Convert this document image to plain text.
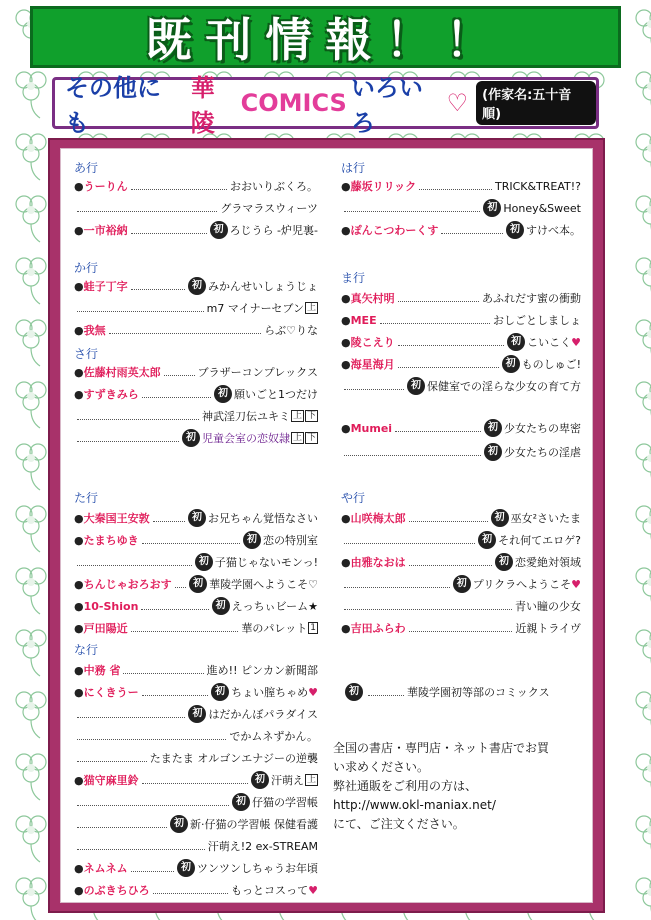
既刊情報！！
その他にも
華陵
COMICS
いろいろ
♡	(作家名:五十音順)
あ行
● うーりん	おおいりぶくろ。
グラマラスウィーツ
● 一市裕納	初 ろじうら -炉児裏-
か行
● 蛙子丁字	初 みかんせいしょうじょ
m7 マイナーセブン 上
● 我無	らぶ♡りな
さ行
● 佐藤村雨英太郎	ブラザーコンプレックス
● すずきみら	初 願いごと1つだけ
神武淫刀伝ユキミ 上 下
初 児童会室の恋奴隷 上 下
た行
● 大秦国王安敦	初 お兄ちゃん覚悟なさい
● たまちゆき	初 恋の特別室
初 子猫じゃないモンっ!
● ちんじゃおろおす	初 華陵学園へようこそ♡
● 10-Shion	初 えっちぃビーム★
● 戸田陽近	華のパレット 1
な行
● 中務 省	進め!! ピンカン新聞部
● にくきうー	初 ちょい膣ちゃめ ♥
初 はだかんぼパラダイス
でかムネずかん。
たまたま オルゴンエナジーの逆襲
● 猫守麻里鈴	初 汗萌え 上
初 仔猫の学習帳
初 新·仔猫の学習帳 保健看護
汗萌え!2 ex-STREAM
● ネムネム	初 ツンツンしちゃうお年頃
● のぶきちひろ	もっとコスって ♥
は行
● 藤坂リリック	TRICK&TREAT!?
初 Honey&Sweet
● ぽんこつわーくす	初 すけべ本。
ま行
● 真矢村明	あふれだす蜜の衝動
● MEE	おしごとしましょ
● 陵こえり	初 こいこく ♥
● 海星海月	初 ものしゅご!
初 保健室での淫らな少女の育て方
● Mumei	初 少女たちの卑密
初 少女たちの淫虐
や行
● 山咲梅太郎	初 巫女²さいたま
初 それ何てエロゲ?
● 由雅なおは	初 恋愛絶対領域
初 プリクラへようこそ ♥
青い瞳の少女
● 吉田ふらわ	近親トライヴ
初	華陵学園初等部のコミックス
全国の書店・専門店・ネット書店でお買
い求めください。
弊社通販をご利用の方は、
http://www.okl-maniax.net/
にて、ご注文ください。
